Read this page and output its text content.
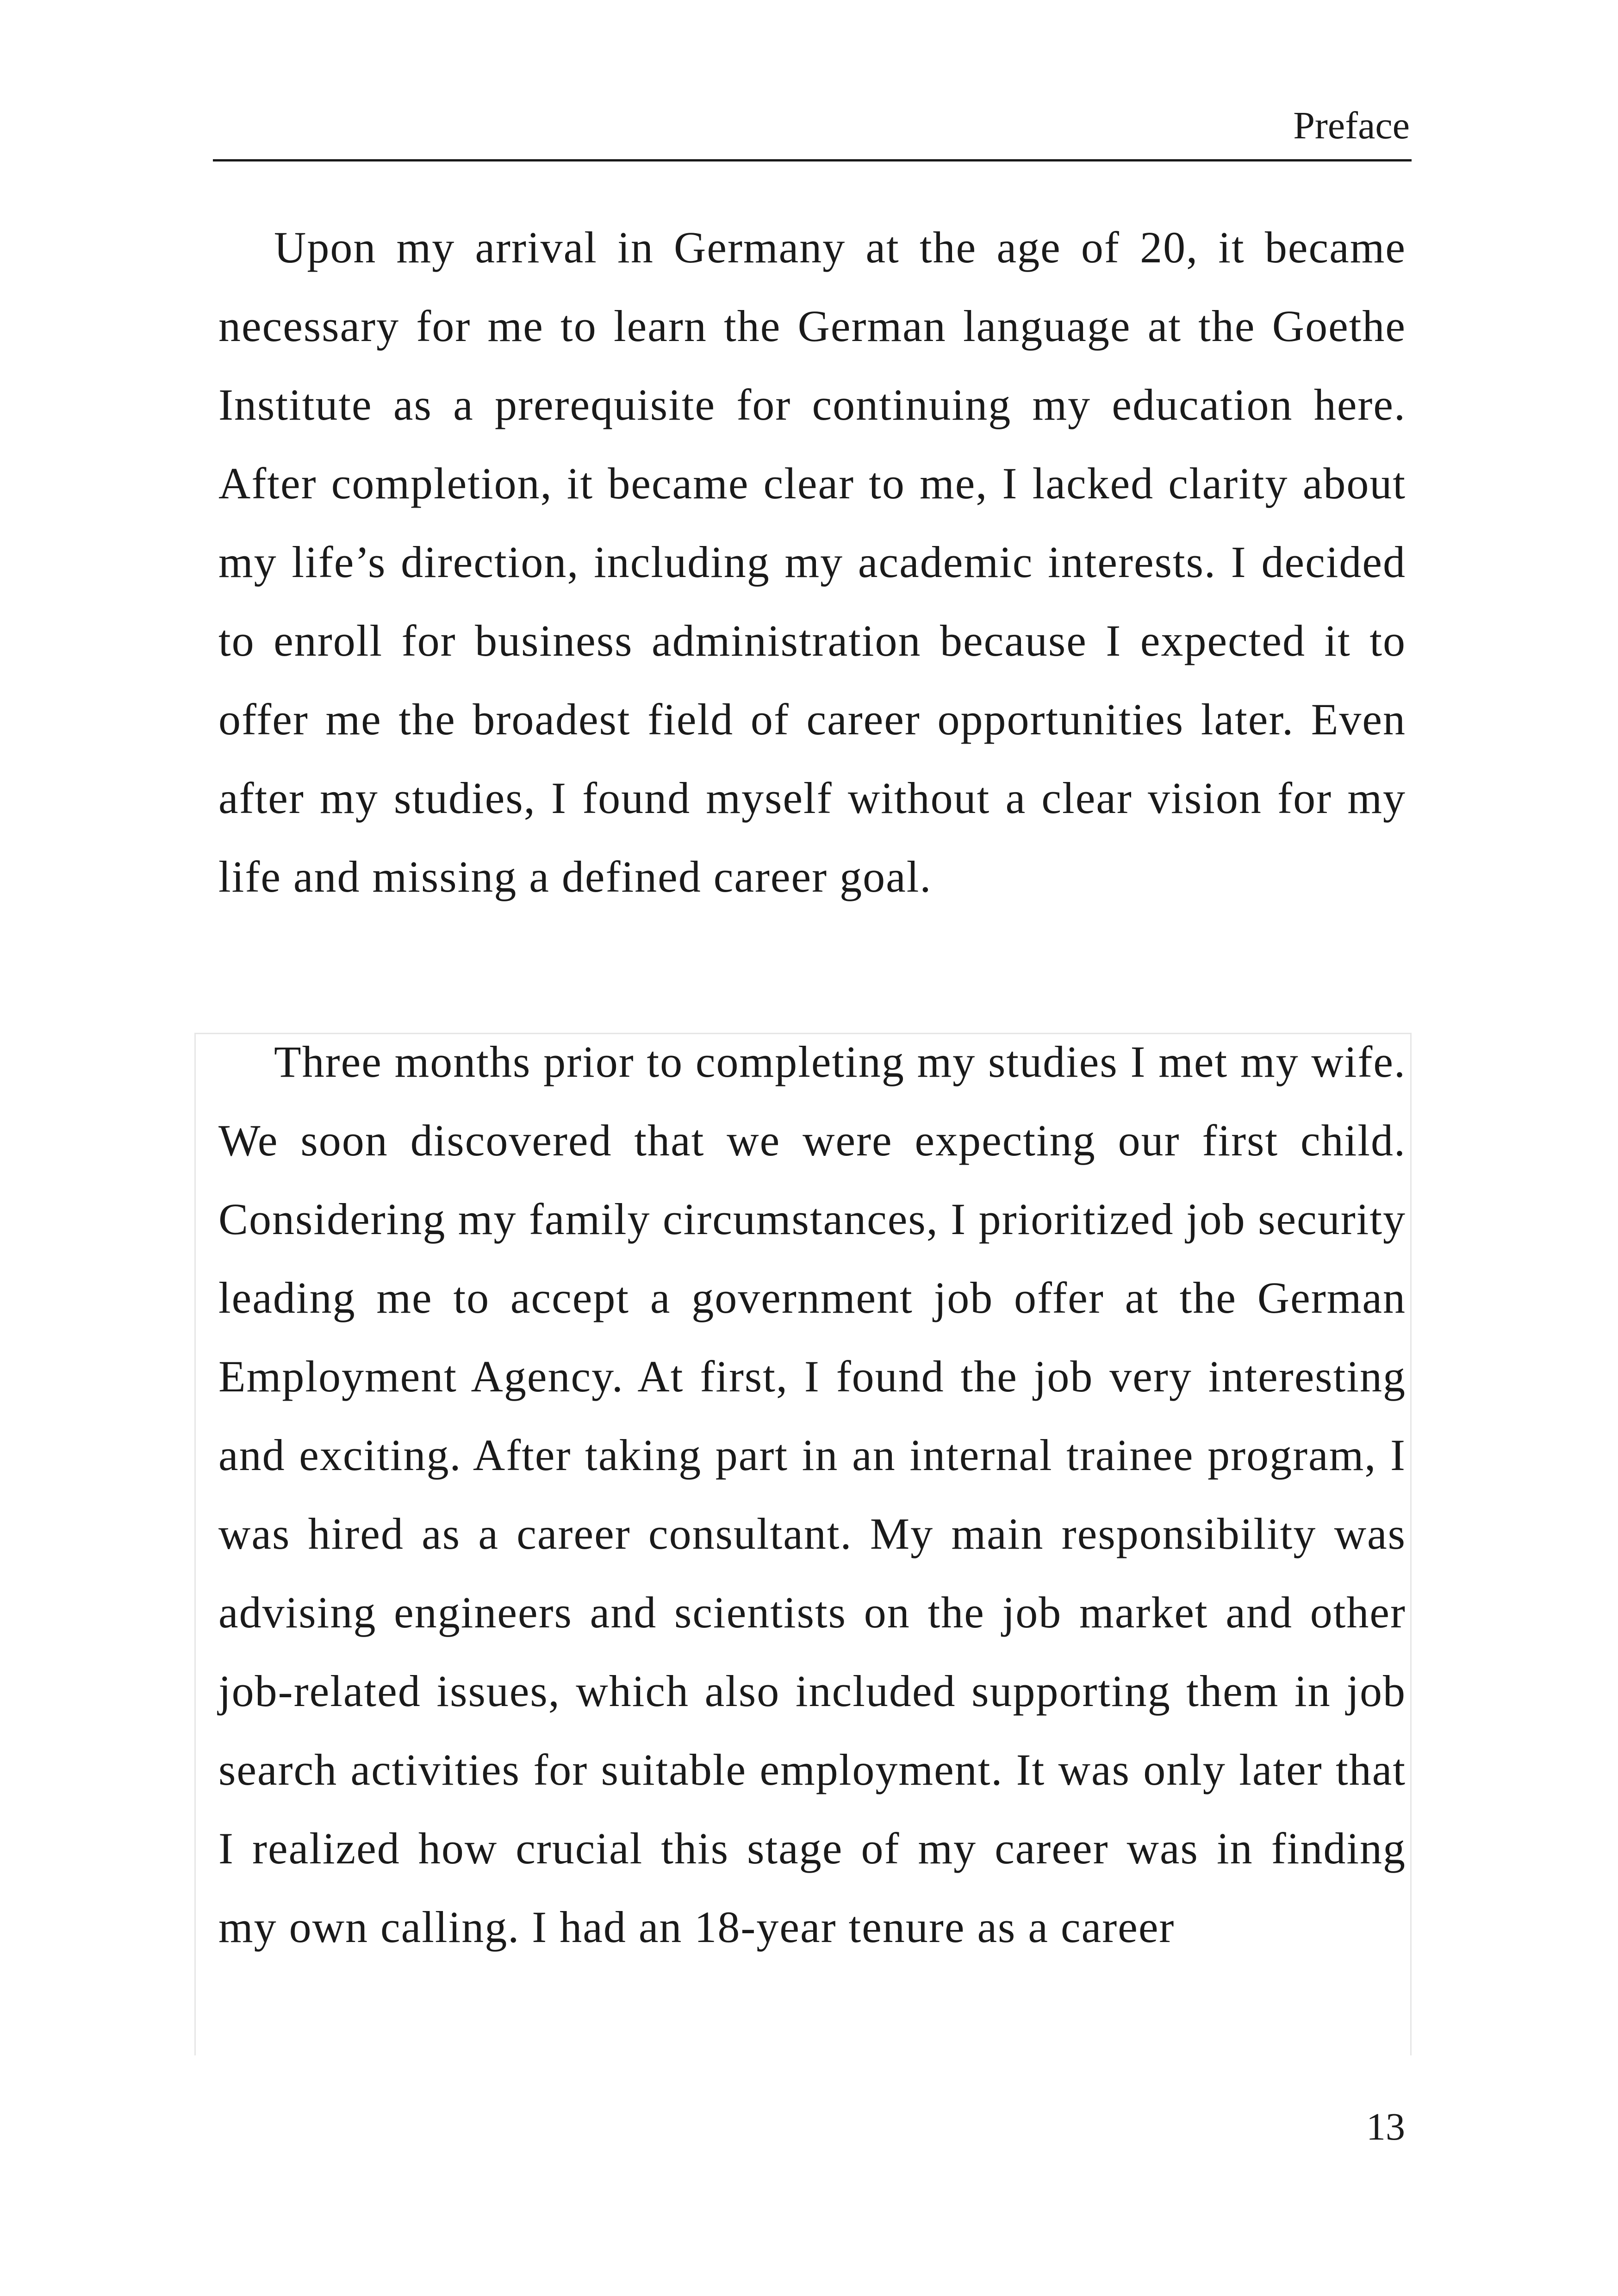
Preface

Upon my arrival in Germany at the age of 20, it became necessary for me to learn the German language at the Goethe Institute as a prerequisite for continuing my education here. After completion, it became clear to me, I lacked clarity about my life’s direction, including my academic interests. I decided to enroll for business administration because I expected it to offer me the broadest field of career opportunities later. Even after my studies, I found myself without a clear vision for my life and missing a defined career goal.

Three months prior to completing my studies I met my wife. We soon discovered that we were expecting our first child. Considering my family circumstances, I prioritized job security leading me to accept a government job offer at the German Employment Agency. At first, I found the job very interesting and exciting. After taking part in an internal trainee program, I was hired as a career consultant. My main responsibility was advising engineers and scientists on the job market and other job-related issues, which also included supporting them in job search activities for suitable employment. It was only later that I realized how crucial this stage of my career was in finding my own calling. I had an 18-year tenure as a career

13
